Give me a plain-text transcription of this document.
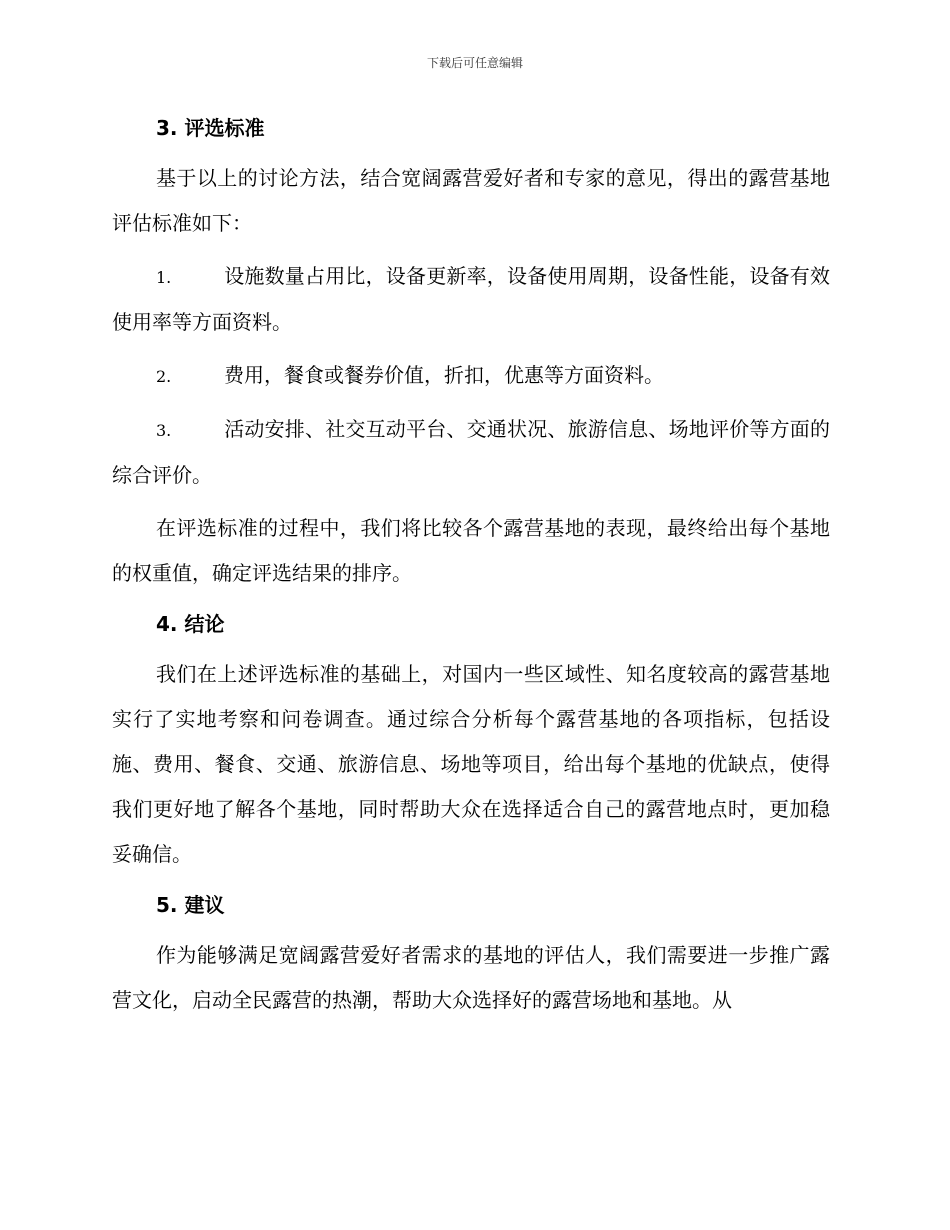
下载后可任意编辑
3. 评选标准

基于以上的讨论方法，结合宽阔露营爱好者和专家的意见，得出的露营基地评估标准如下：

1.	设施数量占用比，设备更新率，设备使用周期，设备性能，设备有效使用率等方面资料。

2.	费用，餐食或餐券价值，折扣，优惠等方面资料。

3.	活动安排、社交互动平台、交通状况、旅游信息、场地评价等方面的综合评价。

在评选标准的过程中，我们将比较各个露营基地的表现，最终给出每个基地的权重值，确定评选结果的排序。

4. 结论

我们在上述评选标准的基础上，对国内一些区域性、知名度较高的露营基地实行了实地考察和问卷调查。通过综合分析每个露营基地的各项指标，包括设施、费用、餐食、交通、旅游信息、场地等项目，给出每个基地的优缺点，使得我们更好地了解各个基地，同时帮助大众在选择适合自己的露营地点时，更加稳妥确信。

5. 建议

作为能够满足宽阔露营爱好者需求的基地的评估人，我们需要进一步推广露营文化，启动全民露营的热潮，帮助大众选择好的露营场地和基地。从
